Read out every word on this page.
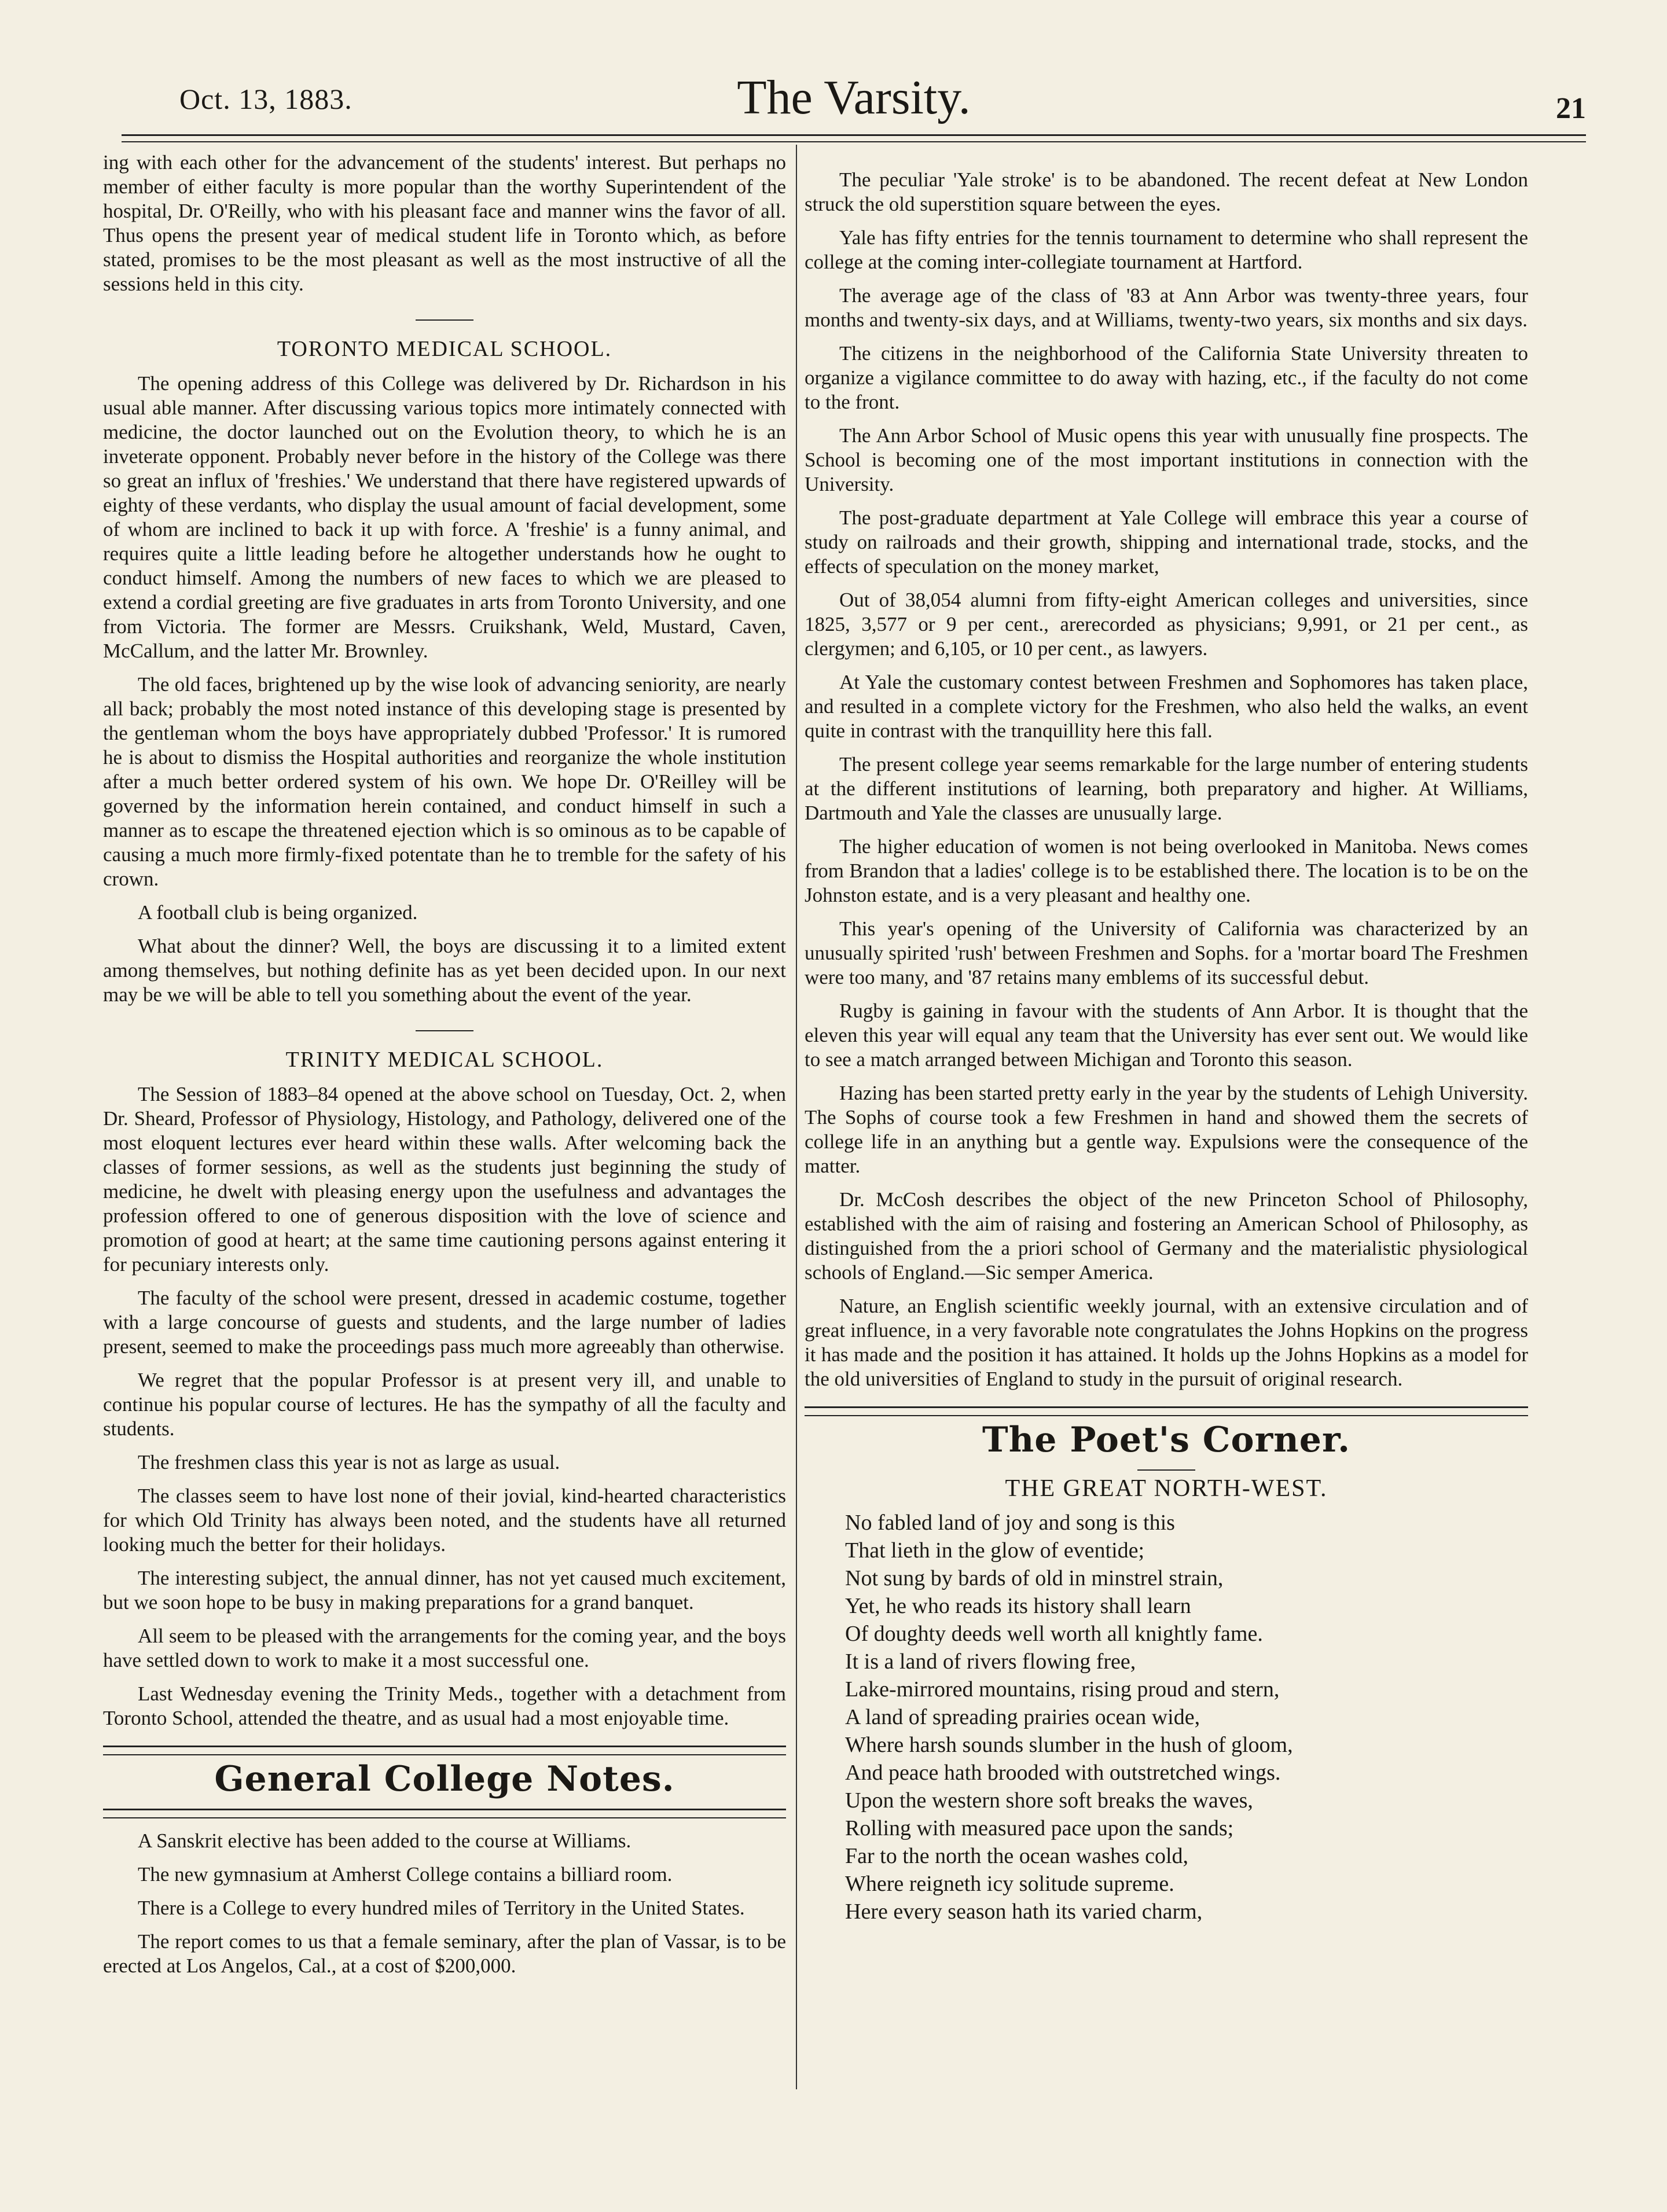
Oct. 13, 1883.	The Varsity.	21

ing with each other for the advancement of the students' interest. But perhaps no member of either faculty is more popular than the worthy Superintendent of the hospital, Dr. O'Reilly, who with his pleasant face and manner wins the favor of all. Thus opens the present year of medical student life in Toronto which, as before stated, promises to be the most pleasant as well as the most instructive of all the sessions held in this city.

TORONTO MEDICAL SCHOOL.

The opening address of this College was delivered by Dr. Richardson in his usual able manner. After discussing various topics more intimately connected with medicine, the doctor launched out on the Evolution theory, to which he is an inveterate opponent. Probably never before in the history of the College was there so great an influx of 'freshies.' We understand that there have registered upwards of eighty of these verdants, who display the usual amount of facial development, some of whom are inclined to back it up with force. A 'freshie' is a funny animal, and requires quite a little leading before he altogether understands how he ought to conduct himself. Among the numbers of new faces to which we are pleased to extend a cordial greeting are five graduates in arts from Toronto University, and one from Victoria. The former are Messrs. Cruikshank, Weld, Mustard, Caven, McCallum, and the latter Mr. Brownley.

The old faces, brightened up by the wise look of advancing seniority, are nearly all back; probably the most noted instance of this developing stage is presented by the gentleman whom the boys have appropriately dubbed 'Professor.' It is rumored he is about to dismiss the Hospital authorities and reorganize the whole institution after a much better ordered system of his own. We hope Dr. O'Reilley will be governed by the information herein contained, and conduct himself in such a manner as to escape the threatened ejection which is so ominous as to be capable of causing a much more firmly-fixed potentate than he to tremble for the safety of his crown.

A football club is being organized.

What about the dinner? Well, the boys are discussing it to a limited extent among themselves, but nothing definite has as yet been decided upon. In our next may be we will be able to tell you something about the event of the year.

TRINITY MEDICAL SCHOOL.

The Session of 1883–84 opened at the above school on Tuesday, Oct. 2, when Dr. Sheard, Professor of Physiology, Histology, and Pathology, delivered one of the most eloquent lectures ever heard within these walls. After welcoming back the classes of former sessions, as well as the students just beginning the study of medicine, he dwelt with pleasing energy upon the usefulness and advantages the profession offered to one of generous disposition with the love of science and promotion of good at heart; at the same time cautioning persons against entering it for pecuniary interests only.

The faculty of the school were present, dressed in academic costume, together with a large concourse of guests and students, and the large number of ladies present, seemed to make the proceedings pass much more agreeably than otherwise.

We regret that the popular Professor is at present very ill, and unable to continue his popular course of lectures. He has the sympathy of all the faculty and students.

The freshmen class this year is not as large as usual.

The classes seem to have lost none of their jovial, kind-hearted characteristics for which Old Trinity has always been noted, and the students have all returned looking much the better for their holidays.

The interesting subject, the annual dinner, has not yet caused much excitement, but we soon hope to be busy in making preparations for a grand banquet.

All seem to be pleased with the arrangements for the coming year, and the boys have settled down to work to make it a most successful one.

Last Wednesday evening the Trinity Meds., together with a detachment from Toronto School, attended the theatre, and as usual had a most enjoyable time.

General College Notes.

A Sanskrit elective has been added to the course at Williams.

The new gymnasium at Amherst College contains a billiard room.

There is a College to every hundred miles of Territory in the United States.

The report comes to us that a female seminary, after the plan of Vassar, is to be erected at Los Angelos, Cal., at a cost of $200,000.

The peculiar 'Yale stroke' is to be abandoned. The recent defeat at New London struck the old superstition square between the eyes.

Yale has fifty entries for the tennis tournament to determine who shall represent the college at the coming inter-collegiate tournament at Hartford.

The average age of the class of '83 at Ann Arbor was twenty-three years, four months and twenty-six days, and at Williams, twenty-two years, six months and six days.

The citizens in the neighborhood of the California State University threaten to organize a vigilance committee to do away with hazing, etc., if the faculty do not come to the front.

The Ann Arbor School of Music opens this year with unusually fine prospects. The School is becoming one of the most important institutions in connection with the University.

The post-graduate department at Yale College will embrace this year a course of study on railroads and their growth, shipping and international trade, stocks, and the effects of speculation on the money market,

Out of 38,054 alumni from fifty-eight American colleges and universities, since 1825, 3,577 or 9 per cent., arerecorded as physicians; 9,991, or 21 per cent., as clergymen; and 6,105, or 10 per cent., as lawyers.

At Yale the customary contest between Freshmen and Sophomores has taken place, and resulted in a complete victory for the Freshmen, who also held the walks, an event quite in contrast with the tranquillity here this fall.

The present college year seems remarkable for the large number of entering students at the different institutions of learning, both preparatory and higher. At Williams, Dartmouth and Yale the classes are unusually large.

The higher education of women is not being overlooked in Manitoba. News comes from Brandon that a ladies' college is to be established there. The location is to be on the Johnston estate, and is a very pleasant and healthy one.

This year's opening of the University of California was characterized by an unusually spirited 'rush' between Freshmen and Sophs. for a 'mortar board The Freshmen were too many, and '87 retains many emblems of its successful debut.

Rugby is gaining in favour with the students of Ann Arbor. It is thought that the eleven this year will equal any team that the University has ever sent out. We would like to see a match arranged between Michigan and Toronto this season.

Hazing has been started pretty early in the year by the students of Lehigh University. The Sophs of course took a few Freshmen in hand and showed them the secrets of college life in an anything but a gentle way. Expulsions were the consequence of the matter.

Dr. McCosh describes the object of the new Princeton School of Philosophy, established with the aim of raising and fostering an American School of Philosophy, as distinguished from the a priori school of Germany and the materialistic physiological schools of England.—Sic semper America.

Nature, an English scientific weekly journal, with an extensive circulation and of great influence, in a very favorable note congratulates the Johns Hopkins on the progress it has made and the position it has attained. It holds up the Johns Hopkins as a model for the old universities of England to study in the pursuit of original research.

The Poet's Corner.
THE GREAT NORTH-WEST.
No fabled land of joy and song is this
That lieth in the glow of eventide;
Not sung by bards of old in minstrel strain,
Yet, he who reads its history shall learn
Of doughty deeds well worth all knightly fame.
It is a land of rivers flowing free,
Lake-mirrored mountains, rising proud and stern,
A land of spreading prairies ocean wide,
Where harsh sounds slumber in the hush of gloom,
And peace hath brooded with outstretched wings.
Upon the western shore soft breaks the waves,
Rolling with measured pace upon the sands;
Far to the north the ocean washes cold,
Where reigneth icy solitude supreme.
Here every season hath its varied charm,
